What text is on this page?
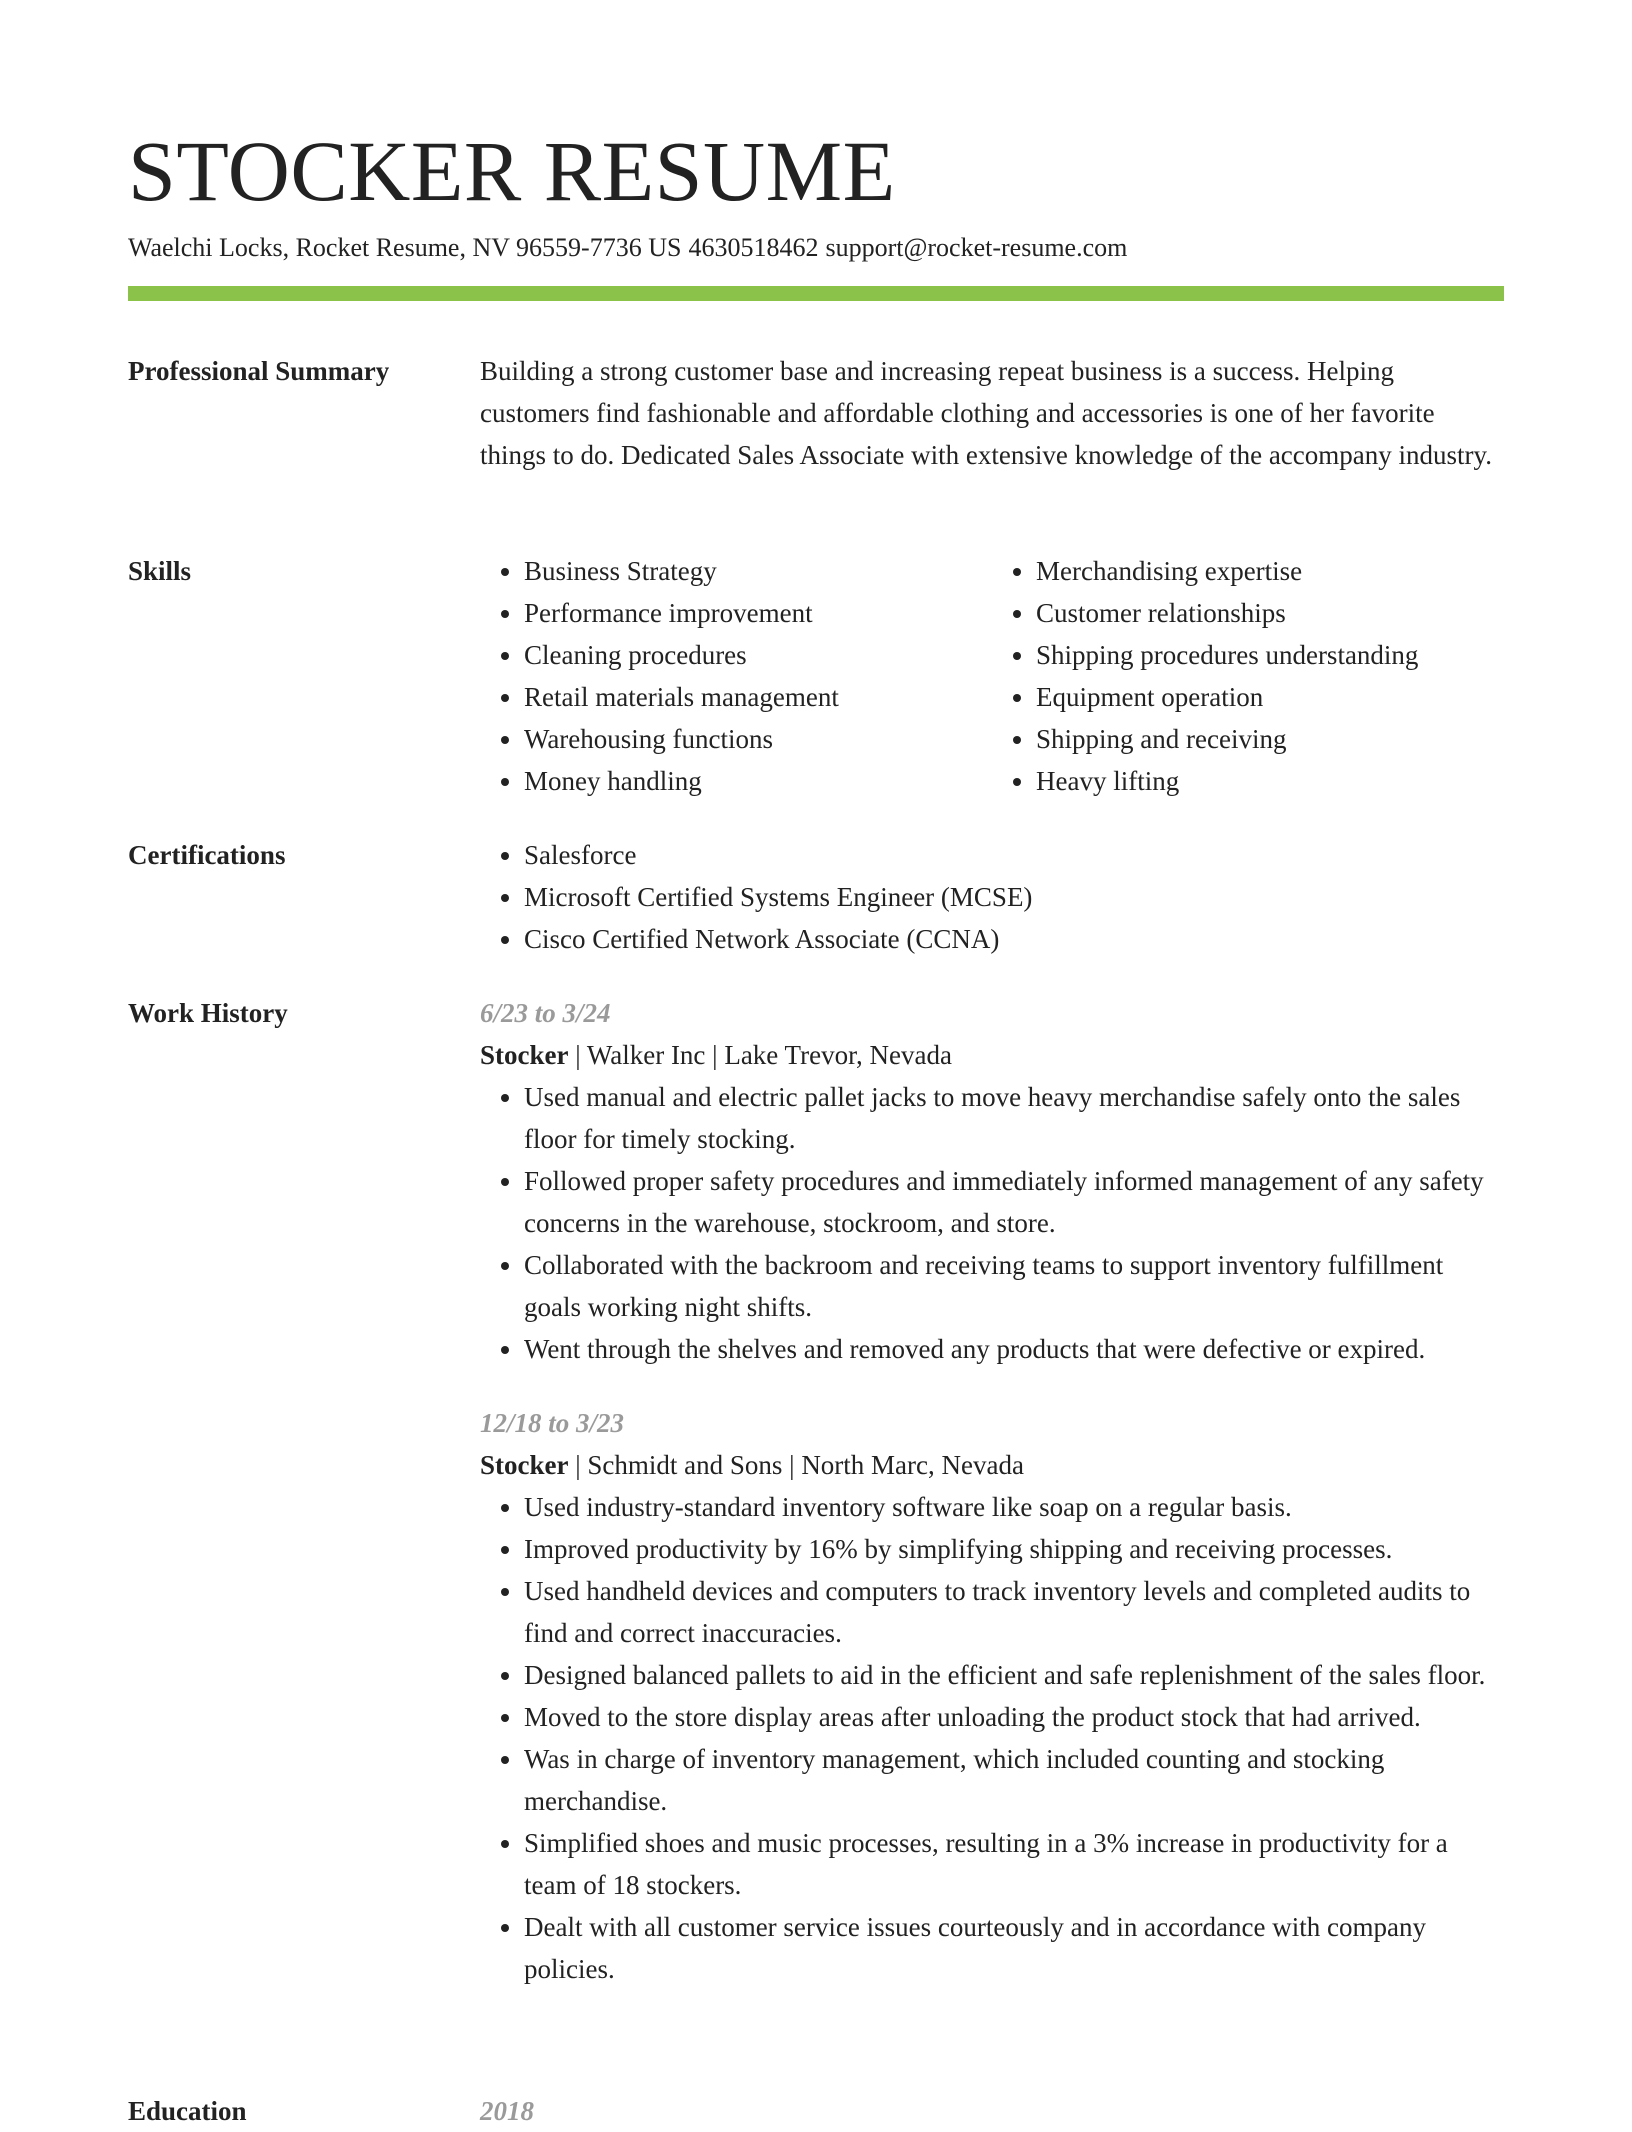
STOCKER RESUME
Waelchi Locks, Rocket Resume, NV 96559-7736 US 4630518462 support@rocket-resume.com
Professional Summary	Building a strong customer base and increasing repeat business is a success. Helping customers find fashionable and affordable clothing and accessories is one of her favorite things to do. Dedicated Sales Associate with extensive knowledge of the accompany industry.

Skills	• Business Strategy
• Performance improvement
• Cleaning procedures
• Retail materials management
• Warehousing functions
• Money handling
• Merchandising expertise
• Customer relationships
• Shipping procedures understanding
• Equipment operation
• Shipping and receiving
• Heavy lifting
Certifications	• Salesforce
• Microsoft Certified Systems Engineer (MCSE)
• Cisco Certified Network Associate (CCNA)
Work History	6/23 to 3/24
Stocker | Walker Inc | Lake Trevor, Nevada
• Used manual and electric pallet jacks to move heavy merchandise safely onto the sales floor for timely stocking.
• Followed proper safety procedures and immediately informed management of any safety concerns in the warehouse, stockroom, and store.
• Collaborated with the backroom and receiving teams to support inventory fulfillment goals working night shifts.
• Went through the shelves and removed any products that were defective or expired.
12/18 to 3/23
Stocker | Schmidt and Sons | North Marc, Nevada
• Used industry-standard inventory software like soap on a regular basis.
• Improved productivity by 16% by simplifying shipping and receiving processes.
• Used handheld devices and computers to track inventory levels and completed audits to find and correct inaccuracies.
• Designed balanced pallets to aid in the efficient and safe replenishment of the sales floor.
• Moved to the store display areas after unloading the product stock that had arrived.
• Was in charge of inventory management, which included counting and stocking merchandise.
• Simplified shoes and music processes, resulting in a 3% increase in productivity for a team of 18 stockers.
• Dealt with all customer service issues courteously and in accordance with company policies.
Education	2018
